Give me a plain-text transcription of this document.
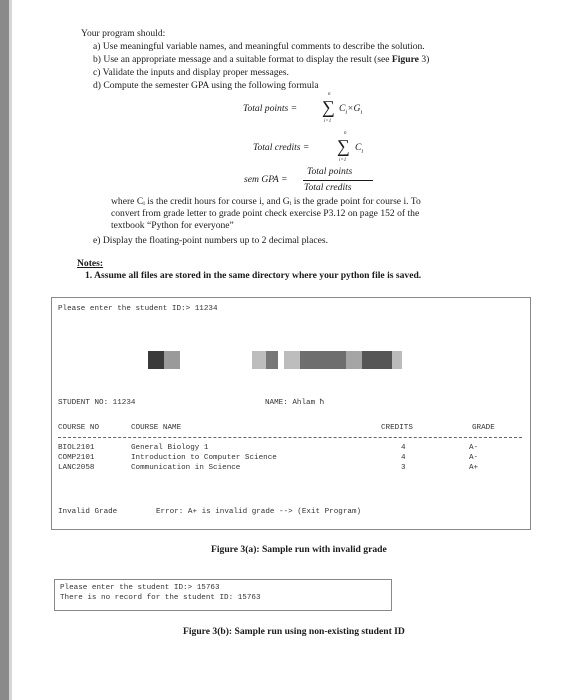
Your program should:
a) Use meaningful variable names, and meaningful comments to describe the solution.
b) Use an appropriate message and a suitable format to display the result (see Figure 3)
c) Validate the inputs and display proper messages.
d) Compute the semester GPA using the following formula
Total points =
n
∑
i=1
$C_i\times G_i$
Total credits =
n
∑
i=1
$C_i$
sem GPA =
Total points
Total credits
where Cᵢ is the credit hours for course i, and Gᵢ is the grade point for course i. To
convert from grade letter to grade point check exercise P3.12 on page 152 of the
textbook “Python for everyone”
e) Display the floating-point numbers up to 2 decimal places.
Notes:
1. Assume all files are stored in the same directory where your python file is saved.
Please enter the student ID:> 11234
STUDENT NO: 11234	NAME: Ahlam ħ
COURSE NO	COURSE NAME	CREDITS	GRADE
BIOL2101	General Biology 1	4	A-
COMP2101	Introduction to Computer Science	4	A-
LANC2058	Communication in Science	3	A+
Invalid Grade	Error: A+ is invalid grade --> (Exit Program)
Figure 3(a): Sample run with invalid grade
Please enter the student ID:> 15763
There is no record for the student ID: 15763
Figure 3(b): Sample run using non-existing student ID
